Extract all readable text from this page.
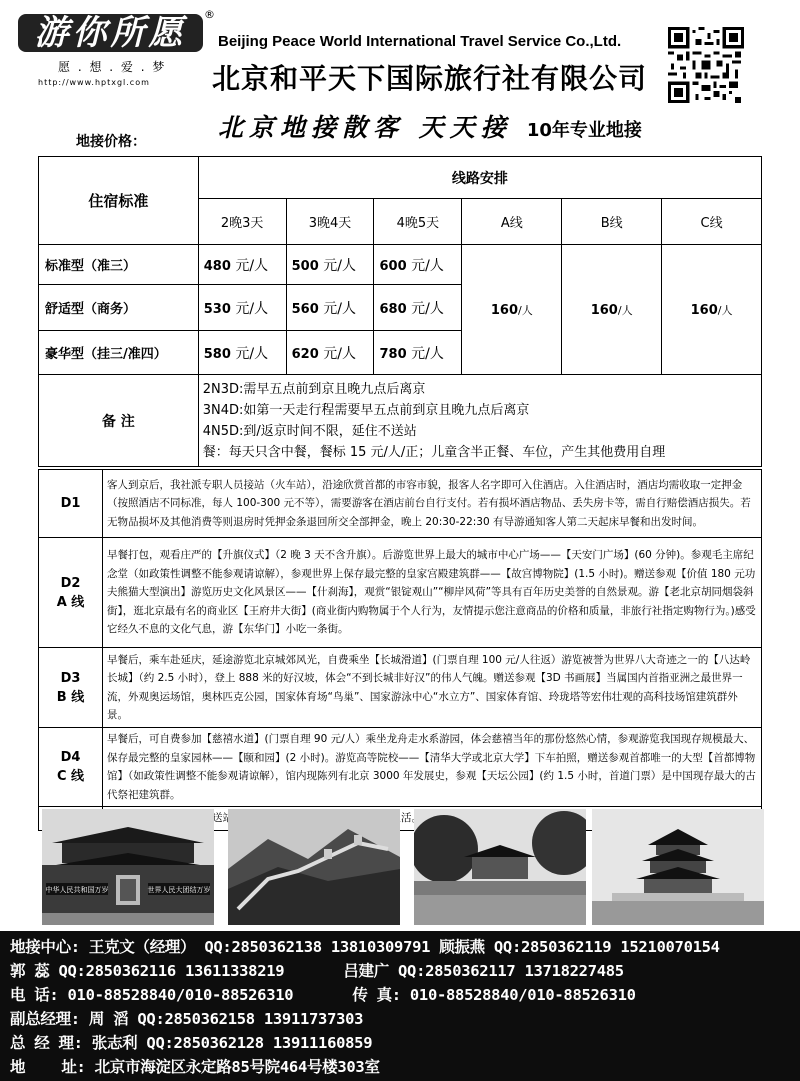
游你所愿	®
愿 . 想 . 爱 . 梦
http://www.hptxgl.com
Beijing Peace World International Travel Service Co.,Ltd.
北京和平天下国际旅行社有限公司
北京地接散客 天天接 10年专业地接
地接价格：
住宿标准	线路安排					
	2晚3天	3晚4天	4晚5天	A线	B线	C线
标准型（准三）	480 元/人	500 元/人	600 元/人	160/人	160/人	160/人
舒适型（商务）	530 元/人	560 元/人	680 元/人			
豪华型（挂三/准四）	580 元/人	620 元/人	780 元/人			
备 注	2N3D:需早五点前到京且晚九点后离京
3N4D:如第一天走行程需要早五点前到京且晚九点后离京
4N5D:到/返京时间不限，延住不送站
餐：每天只含中餐，餐标 15 元/人/正；儿童含半正餐、车位，产生其他费用自理					
D1	客人到京后，我社派专职人员接站（火车站），沿途欣赏首都的市容市貌，报客人名字即可入住酒店。入住酒店时，酒店均需收取一定押金（按照酒店不同标准，每人 100-300 元不等），需要游客在酒店前台自行支付。若有损坏酒店物品、丢失房卡等，需自行赔偿酒店损失。若无物品损坏及其他消费等则退房时凭押金条退回所交全部押金，晚上 20:30-22:30 有导游通知客人第二天起床早餐和出发时间。

D2
A 线	早餐打包，观看庄严的【升旗仪式】（2 晚 3 天不含升旗）。后游览世界上最大的城市中心广场——【天安门广场】(60 分钟)。参观毛主席纪念堂（如政策性调整不能参观请谅解），参观世界上保存最完整的皇家宫殿建筑群——【故宫博物院】(1.5 小时)。赠送参观【价值 180 元功夫熊猫大型演出】游览历史文化风景区——【什刹海】，观赏“银锭观山”“柳岸风荷”等具有百年历史美誉的自然景观。游【老北京胡同烟袋斜街】，逛北京最有名的商业区【王府井大街】(商业街内购物属于个人行为，友情提示您注意商品的价格和质量，非旅行社指定购物行为。)感受它经久不息的文化气息，游【东华门】小吃一条街。

D3
B 线	早餐后，乘车赴延庆，延途游览北京城郊风光，自费乘坐【长城滑道】(门票自理 100 元/人往返）游览被誉为世界八大奇迹之一的【八达岭长城】（约 2.5 小时），登上 888 米的好汉坡，体会“不到长城非好汉”的伟人气魄。赠送参观【3D 书画展】当属国内首指亚洲之最世界一流，外观奥运场馆，奥林匹克公园，国家体育场“鸟巢”、国家游泳中心“水立方”、国家体育馆、玲珑塔等宏伟壮观的高科技场馆建筑群外景。

D4
C 线	早餐后，可自费参加【慈禧水道】(门票自理 90 元/人）乘坐龙舟走水系游园，体会慈禧当年的那份悠然心情，参观游览我国现存规模最大、保存最完整的皇家园林——【颐和园】(2 小时)。游览高等院校——【清华大学或北京大学】下车拍照，赠送参观首都唯一的大型【首都博物馆】（如政策性调整不能参观请谅解），馆内现陈列有北京 3000 年发展史，参观【天坛公园】(约 1.5 小时，首道门票）是中国现存最大的古代祭祀建筑群。

中华人民共和国万岁	世界人民大团结万岁
地接中心: 王克文（经理） QQ:2850362138 13810309791 顾振燕 QQ:2850362119 15210070154
郭 蕊 QQ:2850362116 13611338219	吕建广 QQ:2850362117 13718227485
电 话: 010-88528840/010-88526310	传 真: 010-88528840/010-88526310
副总经理: 周 滔 QQ:2850362158 13911737303
总 经 理: 张志利 QQ:2850362128 13911160859
地    址: 北京市海淀区永定路85号院464号楼303室
